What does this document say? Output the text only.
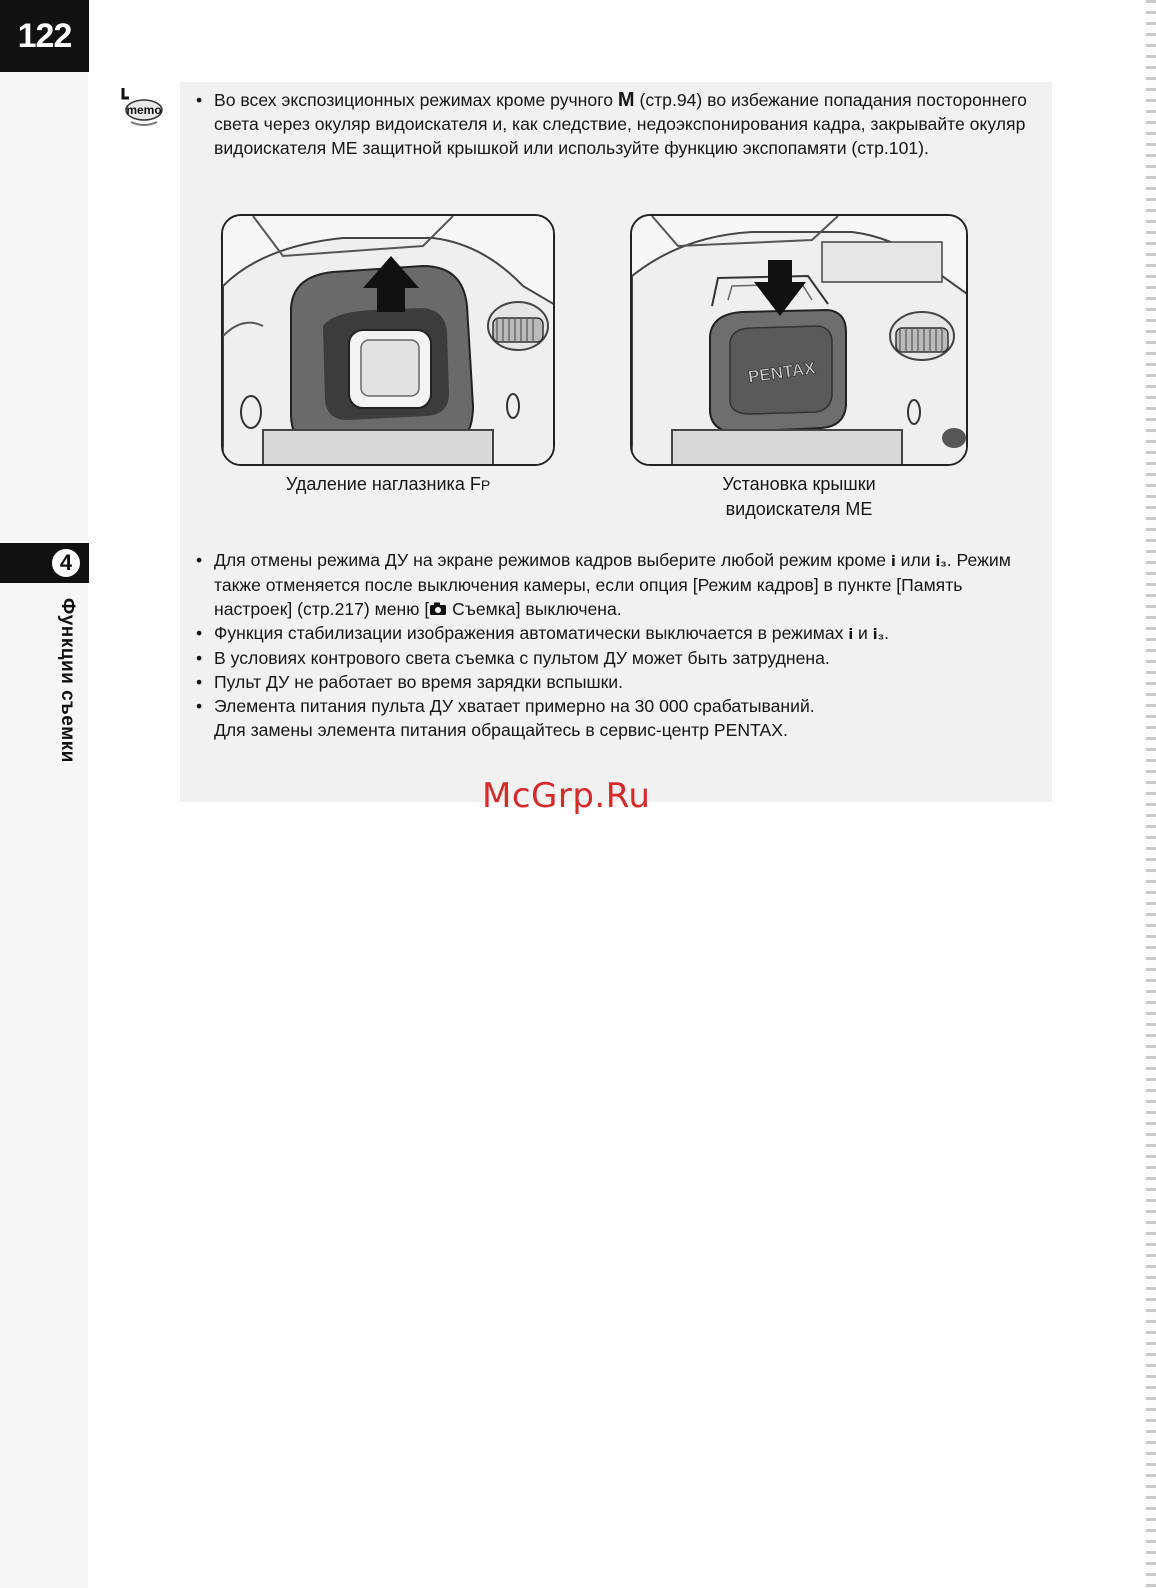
122
4
Функции съемки
memo
•	Во всех экспозиционных режимах кроме ручного M (стр.94) во избежание попадания постороннего света через окуляр видоискателя и, как следствие, недоэкспонирования кадра, закрывайте окуляр видоискателя ME защитной крышкой или используйте функцию экспопамяти (стр.101).
PENTAX
Удаление наглазника FP	Установка крышки
видоискателя ME
• Для отмены режима ДУ на экране режимов кадров выберите любой режим кроме 𝗶 или 𝗶₃. Режим также отменяется после выключения камеры, если опция [Режим кадров] в пункте [Память настроек] (стр.217) меню [ Съемка] выключена.
• Функция стабилизации изображения автоматически выключается в режимах 𝗶 и 𝗶₃.
• В условиях контрового света съемка с пультом ДУ может быть затруднена.
• Пульт ДУ не работает во время зарядки вспышки.
• Элемента питания пульта ДУ хватает примерно на 30 000 срабатываний.
Для замены элемента питания обращайтесь в сервис-центр PENTAX.
McGrp.Ru
